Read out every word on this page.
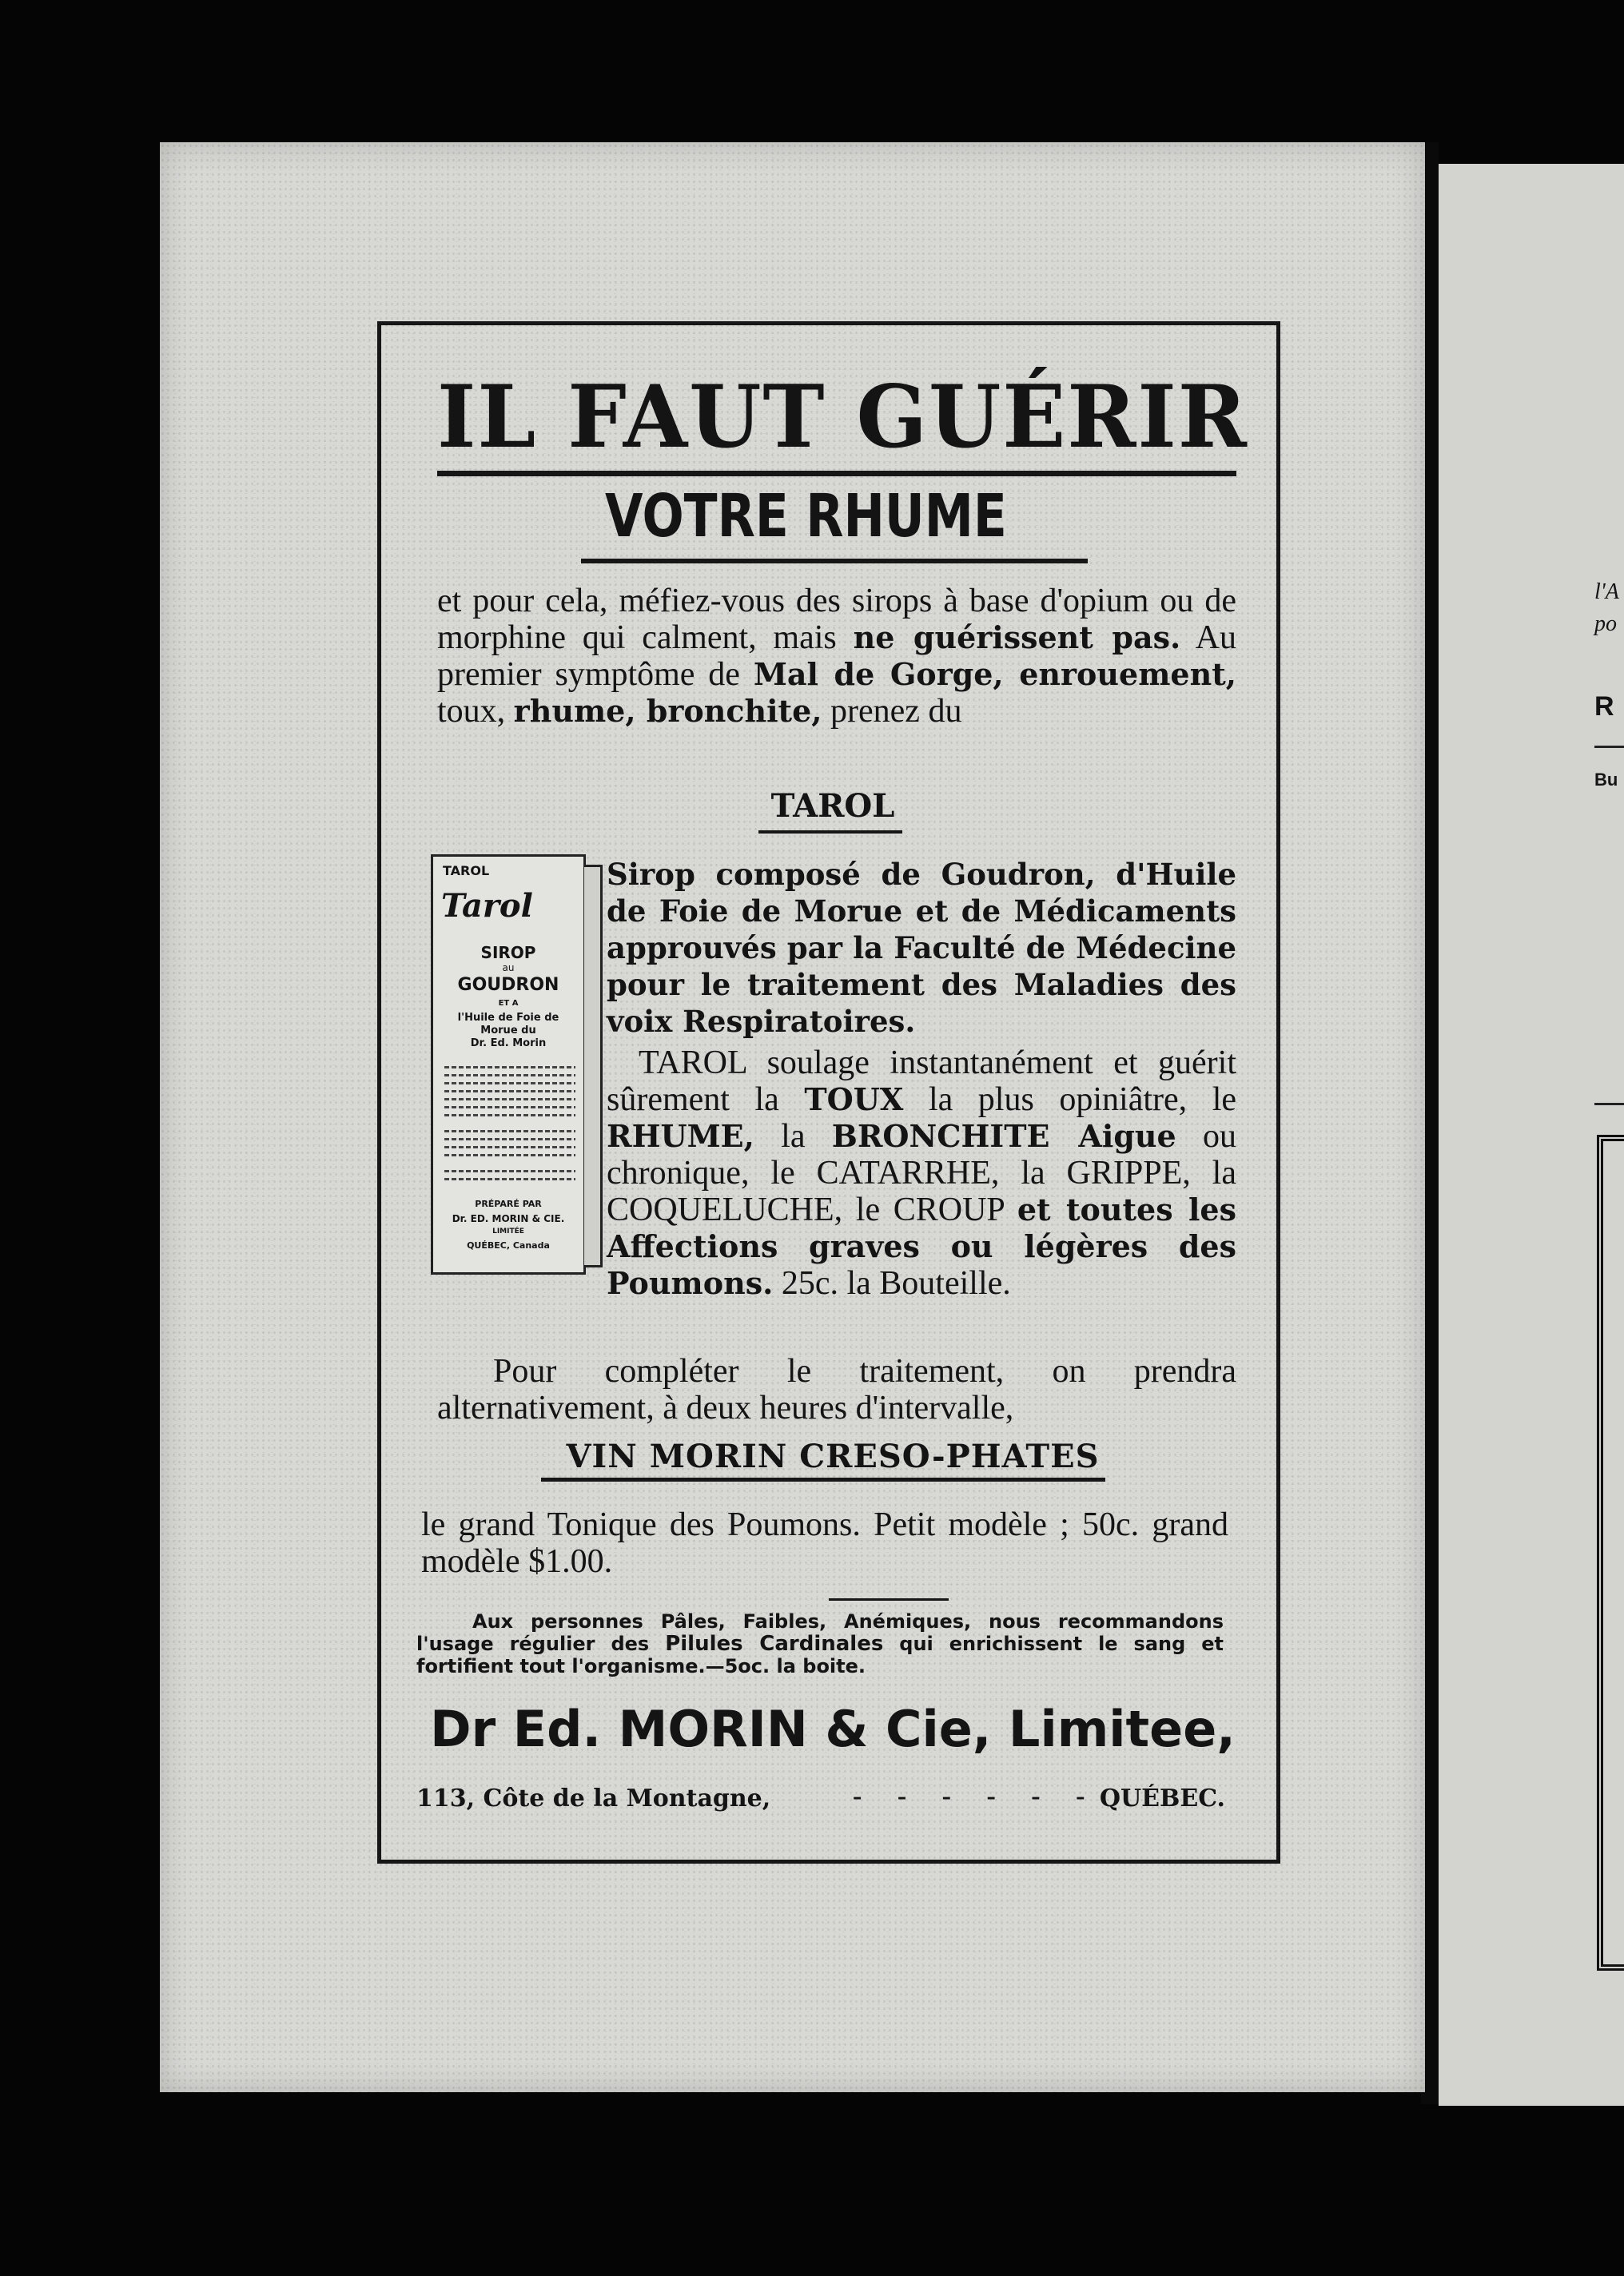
l'A
po
R
Bu
IL FAUT GUÉRIR
VOTRE RHUME
et pour cela, méfiez-vous des sirops à base d'opium ou de morphine qui calment, mais ne guérissent pas. Au premier symptôme de Mal de Gorge, enrouement, toux, rhume, bronchite, prenez du
TAROL
TAROL
Tarol
SIROP
au
GOUDRON
ET A
l'Huile de Foie de
Morue du
Dr. Ed. Morin
PRÉPARÉ PAR
Dr. ED. MORIN & CIE.
LIMITÉE
QUÉBEC, Canada
Sirop composé de Goudron, d'Huile de Foie de Morue et de Médicaments approuvés par la Faculté de Médecine pour le traitement des Maladies des voix Respiratoires.
TAROL soulage instantanément et guérit sûrement la TOUX la plus opiniâtre, le RHUME, la BRONCHITE Aigue ou chronique, le CATARRHE, la GRIPPE, la COQUELUCHE, le CROUP et toutes les Affections graves ou légères des Poumons. 25c. la Bouteille.
Pour compléter le traitement, on prendra alternativement, à deux heures d'intervalle,
VIN MORIN CRESO-PHATES
le grand Tonique des Poumons. Petit modèle ; 50c. grand modèle $1.00.
Aux personnes Pâles, Faibles, Anémiques, nous recommandons l'usage régulier des Pilules Cardinales qui enrichissent le sang et fortifient tout l'organisme.—5oc. la boite.
Dr Ed. MORIN & Cie, Limitee,
113, Côte de la Montagne,	- - - - - - QUÉBEC.
